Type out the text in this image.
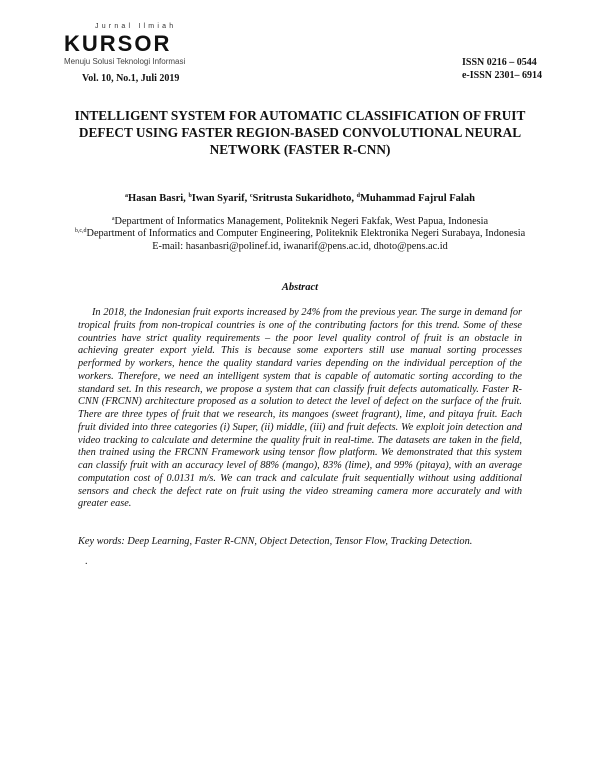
Jurnal Ilmiah
KURSOR
Menuju Solusi Teknologi Informasi
Vol. 10, No.1, Juli 2019
ISSN 0216 – 0544
e-ISSN 2301– 6914
INTELLIGENT SYSTEM FOR AUTOMATIC CLASSIFICATION OF FRUIT DEFECT USING FASTER REGION-BASED CONVOLUTIONAL NEURAL NETWORK (FASTER R-CNN)
$^a$Hasan Basri, $^b$Iwan Syarif, $^c$Sritrusta Sukaridhoto, $^d$Muhammad Fajrul Falah
$^a$Department of Informatics Management, Politeknik Negeri Fakfak, West Papua, Indonesia
$^{b,c,d}$Department of Informatics and Computer Engineering, Politeknik Elektronika Negeri Surabaya, Indonesia
E-mail: hasanbasri@polinef.id, iwanarif@pens.ac.id, dhoto@pens.ac.id
Abstract

In 2018, the Indonesian fruit exports increased by 24% from the previous year. The surge in demand for tropical fruits from non-tropical countries is one of the contributing factors for this trend. Some of these countries have strict quality requirements – the poor level quality control of fruit is an obstacle in achieving greater export yield. This is because some exporters still use manual sorting processes performed by workers, hence the quality standard varies depending on the individual perception of the workers. Therefore, we need an intelligent system that is capable of automatic sorting according to the standard set. In this research, we propose a system that can classify fruit defects automatically. Faster R-CNN (FRCNN) architecture proposed as a solution to detect the level of defect on the surface of the fruit. There are three types of fruit that we research, its mangoes (sweet fragrant), lime, and pitaya fruit. Each fruit divided into three categories (i) Super, (ii) middle, (iii) and fruit defects. We exploit join detection and video tracking to calculate and determine the quality fruit in real-time. The datasets are taken in the field, then trained using the FRCNN Framework using tensor flow platform. We demonstrated that this system can classify fruit with an accuracy level of 88% (mango), 83% (lime), and 99% (pitaya), with an average computation cost of 0.0131 m/s. We can track and calculate fruit sequentially without using additional sensors and check the defect rate on fruit using the video streaming camera more accurately and with greater ease.

Key words: Deep Learning, Faster R-CNN, Object Detection, Tensor Flow, Tracking Detection.
.
